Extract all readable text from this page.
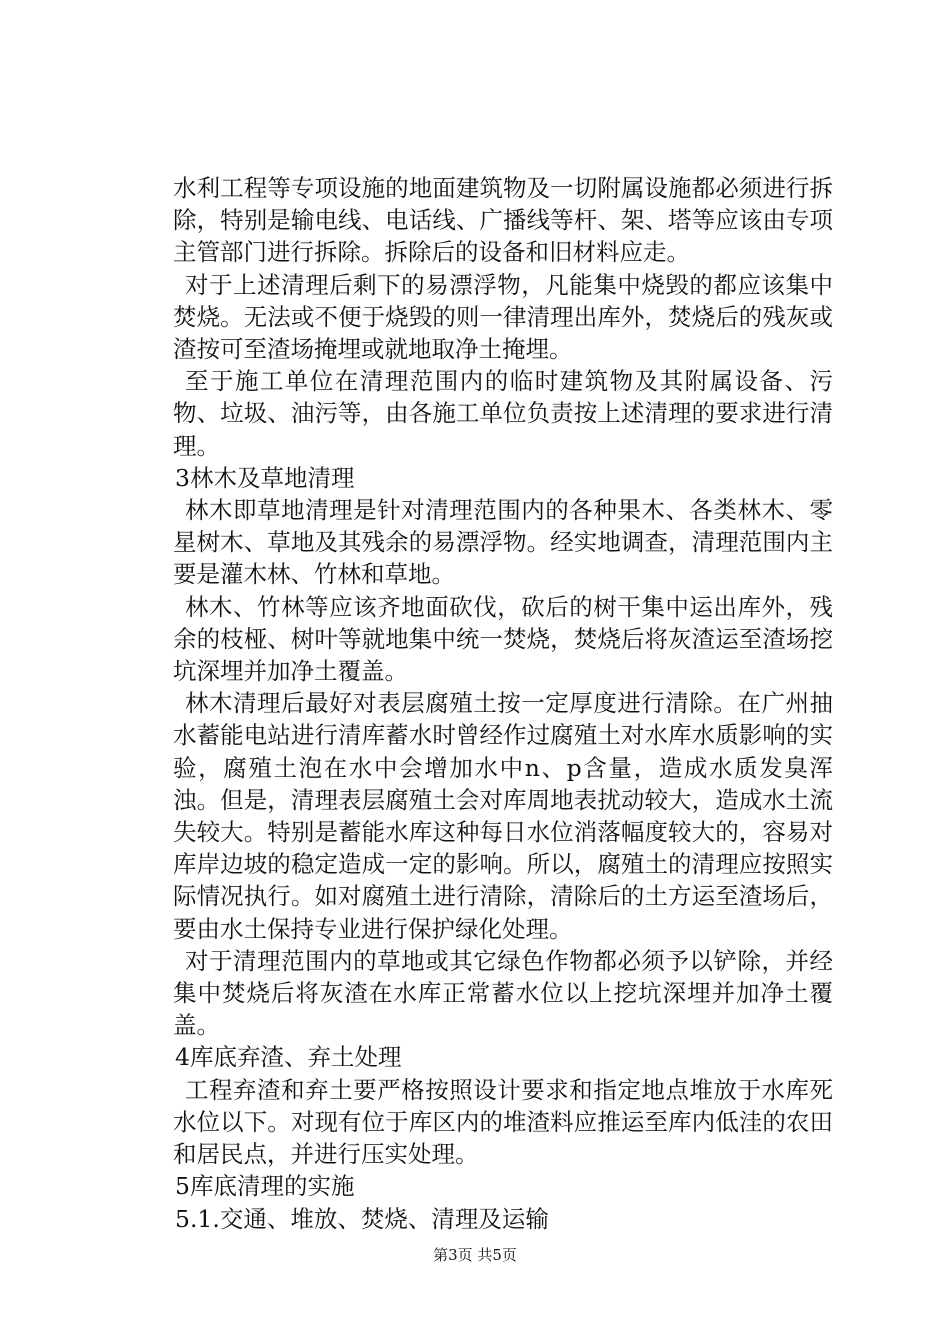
水利工程等专项设施的地面建筑物及一切附属设施都必须进行拆除，特别是输电线、电话线、广播线等杆、架、塔等应该由专项主管部门进行拆除。拆除后的设备和旧材料应走。

对于上述清理后剩下的易漂浮物，凡能集中烧毁的都应该集中焚烧。无法或不便于烧毁的则一律清理出库外，焚烧后的残灰或渣按可至渣场掩埋或就地取净土掩埋。

至于施工单位在清理范围内的临时建筑物及其附属设备、污物、垃圾、油污等，由各施工单位负责按上述清理的要求进行清理。

3林木及草地清理

林木即草地清理是针对清理范围内的各种果木、各类林木、零星树木、草地及其残余的易漂浮物。经实地调查，清理范围内主要是灌木林、竹林和草地。

林木、竹林等应该齐地面砍伐，砍后的树干集中运出库外，残余的枝桠、树叶等就地集中统一焚烧，焚烧后将灰渣运至渣场挖坑深埋并加净土覆盖。

林木清理后最好对表层腐殖土按一定厚度进行清除。在广州抽水蓄能电站进行清库蓄水时曾经作过腐殖土对水库水质影响的实验，腐殖土泡在水中会增加水中n、p含量，造成水质发臭浑浊。但是，清理表层腐殖土会对库周地表扰动较大，造成水土流失较大。特别是蓄能水库这种每日水位消落幅度较大的，容易对库岸边坡的稳定造成一定的影响。所以，腐殖土的清理应按照实际情况执行。如对腐殖土进行清除，清除后的土方运至渣场后，要由水土保持专业进行保护绿化处理。

对于清理范围内的草地或其它绿色作物都必须予以铲除，并经集中焚烧后将灰渣在水库正常蓄水位以上挖坑深埋并加净土覆盖。

4库底弃渣、弃土处理

工程弃渣和弃土要严格按照设计要求和指定地点堆放于水库死水位以下。对现有位于库区内的堆渣料应推运至库内低洼的农田和居民点，并进行压实处理。

5库底清理的实施

5.1.交通、堆放、焚烧、清理及运输

第3页 共5页
